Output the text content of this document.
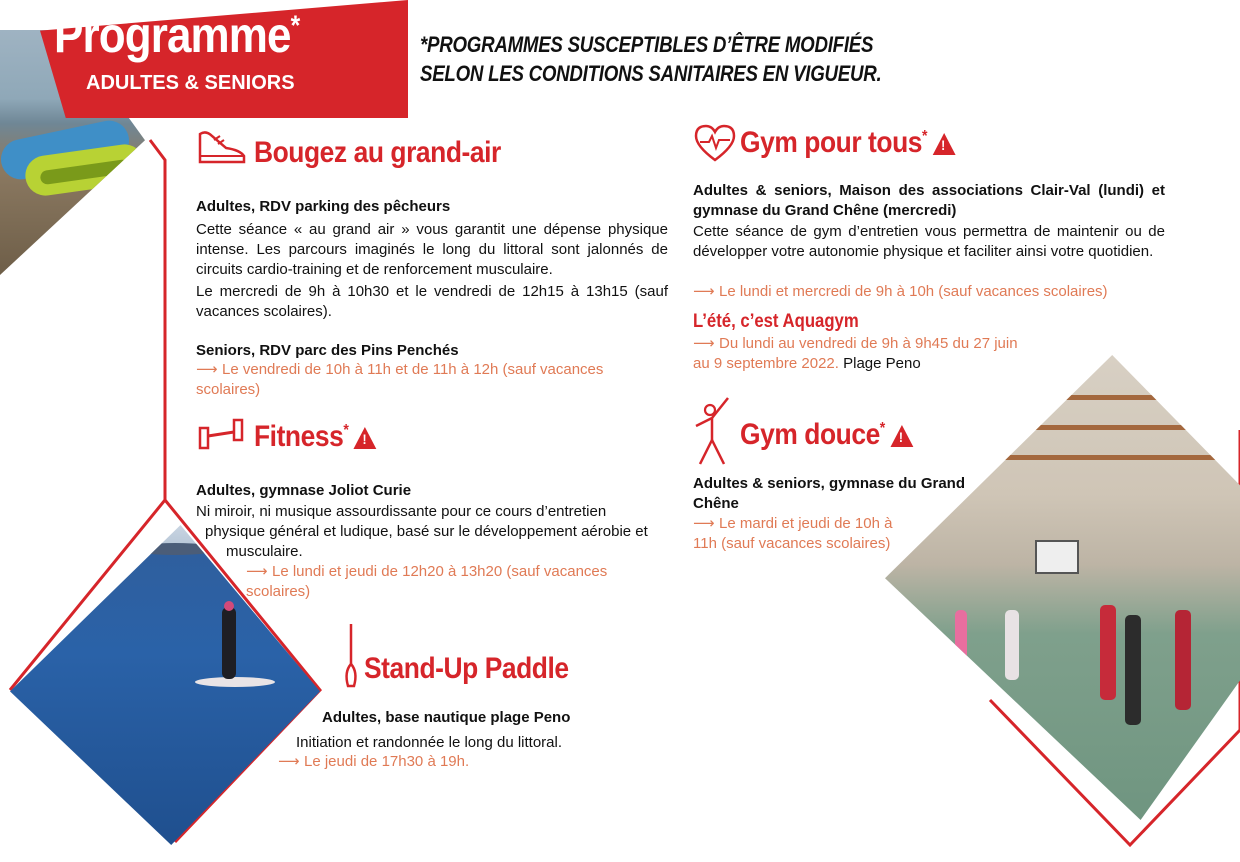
Programme*
ADULTES & SENIORS
*PROGRAMMES SUSCEPTIBLES D’ÊTRE MODIFIÉS
SELON LES CONDITIONS SANITAIRES EN VIGUEUR.
Bougez au grand-air
Adultes, RDV parking des pêcheurs
Cette séance « au grand air » vous garantit une dépense physique intense. Les parcours imaginés le long du littoral sont jalonnés de circuits cardio-training et de renforcement musculaire.
Le mercredi de 9h à 10h30 et le vendredi de 12h15 à 13h15 (sauf vacances scolaires).
Seniors, RDV parc des Pins Penchés
⟶ Le vendredi de 10h à 11h et de 11h à 12h (sauf vacances scolaires)
Fitness*
!
Adultes, gymnase Joliot Curie
Ni miroir, ni musique assourdissante pour ce cours d’entretien
physique général et ludique, basé sur le développement aérobie et
musculaire.
⟶ Le lundi et jeudi de 12h20 à 13h20 (sauf vacances scolaires)
Stand-Up Paddle
Adultes, base nautique plage Peno
Initiation et randonnée le long du littoral.
⟶ Le jeudi de 17h30 à 19h.
Gym pour tous*
!
Adultes & seniors, Maison des associations Clair-Val (lundi) et gymnase du Grand Chêne (mercredi)
Cette séance de gym d’entretien vous permettra de maintenir ou de développer votre autonomie physique et faciliter ainsi votre quotidien.
⟶ Le lundi et mercredi de 9h à 10h (sauf vacances scolaires)
L’été, c’est Aquagym
⟶ Du lundi au vendredi de 9h à 9h45 du 27 juin
au 9 septembre 2022. Plage Peno
Gym douce*
!
Adultes & seniors, gymnase du Grand Chêne
⟶ Le mardi et jeudi de 10h à
11h (sauf vacances scolaires)
